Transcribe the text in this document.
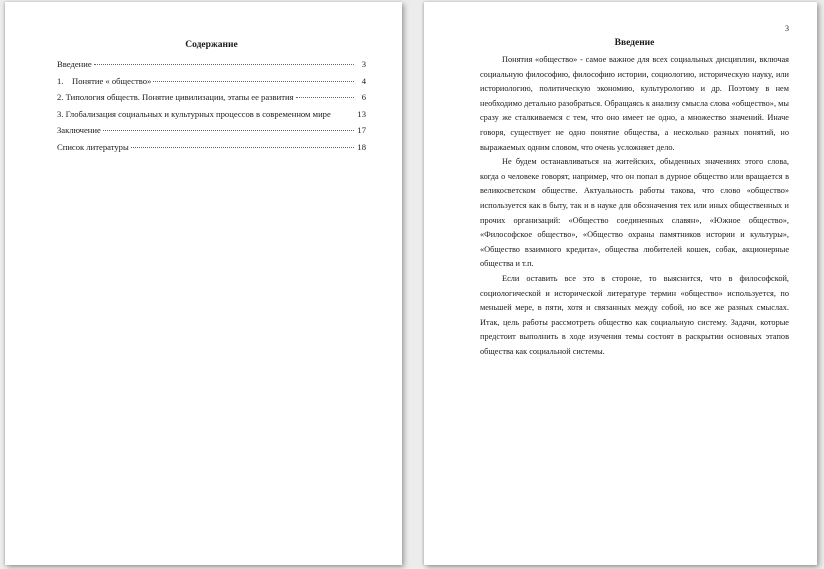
Содержание
Введение	3
1.    Понятие « общество»	4
2. Типология обществ. Понятие цивилизации, этапы ее развития	6
3. Глобализация социальных и культурных процессов в современном мире	13
Заключение	17
Список литературы	18
3
Введение

Понятия «общество» - самое важное для всех социальных дисциплин, включая социальную философию, философию истории, социологию, историческую науку, или историологию, политическую экономию, культурологию и др. Поэтому в нем необходимо детально разобраться. Обращаясь к анализу смысла слова «общество», мы сразу же сталкиваемся с тем, что оно имеет не одно, а множество значений. Иначе говоря, существует не одно понятие общества, а несколько разных понятий, но выражаемых одним словом, что очень усложняет дело.

Не будем останавливаться на житейских, обыденных значениях этого слова, когда о человеке говорят, например, что он попал в дурное общество или вращается в великосветском обществе. Актуальность работы такова, что слово «общество» используется как в быту, так и в науке для обозначения тех или иных общественных и прочих организаций: «Общество соединенных славян», «Южное общество», «Философское общество», «Общество охраны памятников истории и культуры», «Общество взаимного кредита», общества любителей кошек, собак, акционерные общества и т.п.

Если оставить все это в стороне, то выяснится, что в философской, социологической и исторической литературе термин «общество» используется, по меньшей мере, в пяти, хотя и связанных между собой, но все же разных смыслах. Итак, цель работы рассмотреть общество как социальную систему. Задачи, которые предстоит выполнить в ходе изучения темы состоят в раскрытии основных этапов общества как социальной системы.
